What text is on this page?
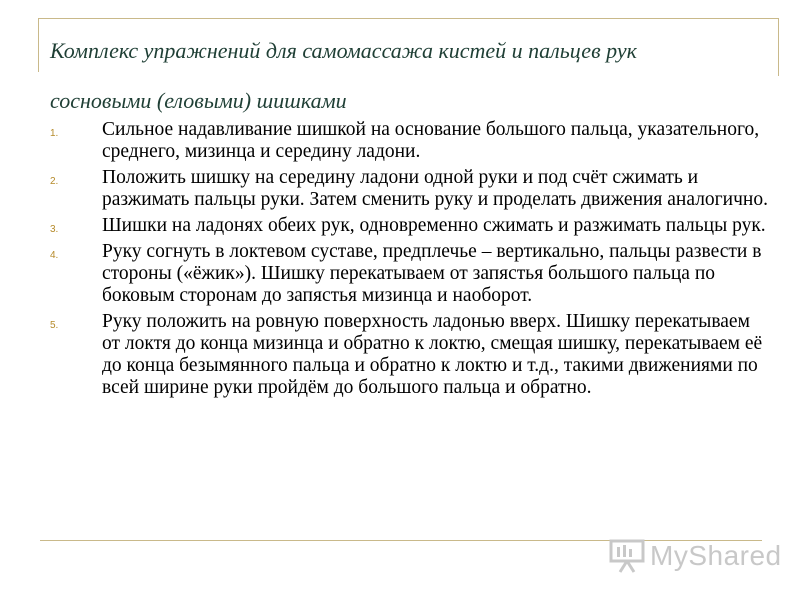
Комплекс упражнений для самомассажа кистей и пальцев рук
сосновыми (еловыми) шишками
1. Сильное надавливание шишкой на основание большого пальца, указательного, среднего, мизинца и середину ладони.
2. Положить шишку на середину ладони одной руки и под счёт сжимать и разжимать пальцы руки. Затем сменить руку и проделать движения аналогично.
3. Шишки на ладонях обеих рук, одновременно сжимать и разжимать пальцы рук.
4. Руку согнуть в локтевом суставе, предплечье – вертикально, пальцы развести в стороны («ёжик»). Шишку перекатываем от запястья большого пальца по боковым сторонам до запястья мизинца и наоборот.
5. Руку положить на ровную поверхность ладонью вверх. Шишку перекатываем от локтя до конца мизинца и обратно к локтю, смещая шишку, перекатываем её до конца безымянного пальца и обратно к локтю и т.д., такими движениями по всей ширине руки пройдём до большого пальца и обратно.
MyShared
